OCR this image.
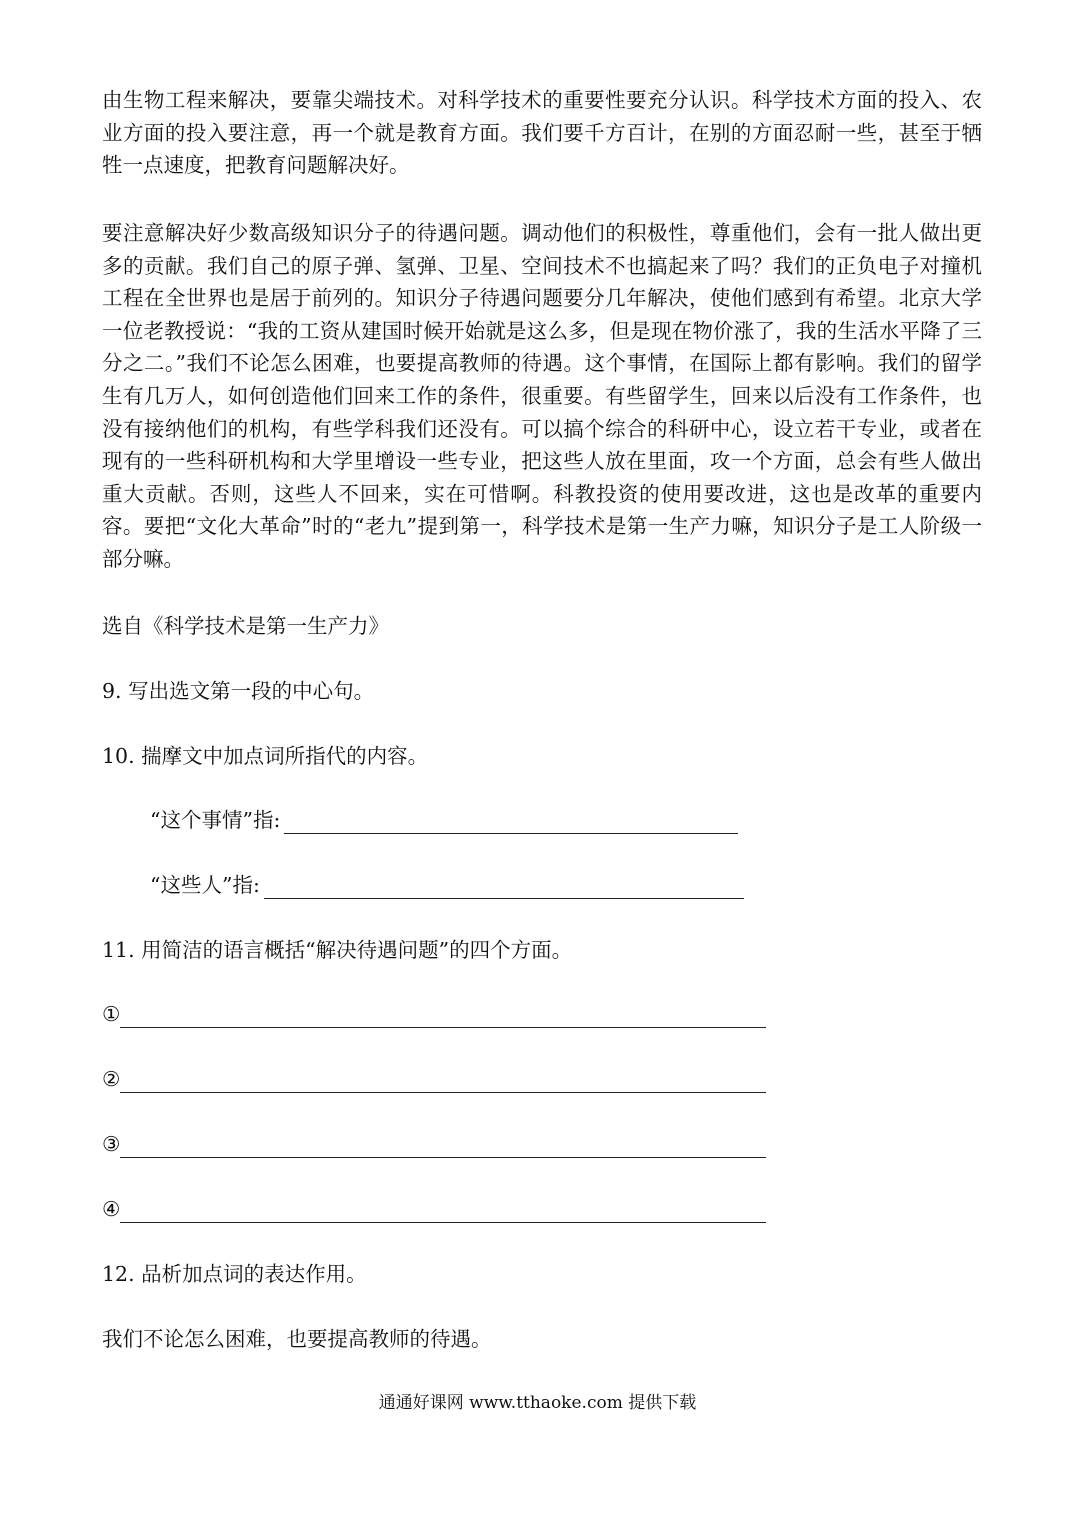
由生物工程来解决，要靠尖端技术。对科学技术的重要性要充分认识。科学技术方面的投入、农业方面的投入要注意，再一个就是教育方面。我们要千方百计，在别的方面忍耐一些，甚至于牺牲一点速度，把教育问题解决好。

要注意解决好少数高级知识分子的待遇问题。调动他们的积极性，尊重他们，会有一批人做出更多的贡献。我们自己的原子弹、氢弹、卫星、空间技术不也搞起来了吗？我们的正负电子对撞机工程在全世界也是居于前列的。知识分子待遇问题要分几年解决，使他们感到有希望。北京大学一位老教授说：“我的工资从建国时候开始就是这么多，但是现在物价涨了，我的生活水平降了三分之二。”我们不论怎么困难，也要提高教师的待遇。这个事情，在国际上都有影响。我们的留学生有几万人，如何创造他们回来工作的条件，很重要。有些留学生，回来以后没有工作条件，也没有接纳他们的机构，有些学科我们还没有。可以搞个综合的科研中心，设立若干专业，或者在现有的一些科研机构和大学里增设一些专业，把这些人放在里面，攻一个方面，总会有些人做出重大贡献。否则，这些人不回来，实在可惜啊。科教投资的使用要改进，这也是改革的重要内容。要把“文化大革命”时的“老九”提到第一，科学技术是第一生产力嘛，知识分子是工人阶级一部分嘛。

选自《科学技术是第一生产力》

9. 写出选文第一段的中心句。

10. 揣摩文中加点词所指代的内容。

“这个事情”指:
“这些人”指:

11. 用简洁的语言概括“解决待遇问题”的四个方面。

①
②
③
④

12. 品析加点词的表达作用。

我们不论怎么困难，也要提高教师的待遇。

通通好课网 www.tthaoke.com 提供下载
